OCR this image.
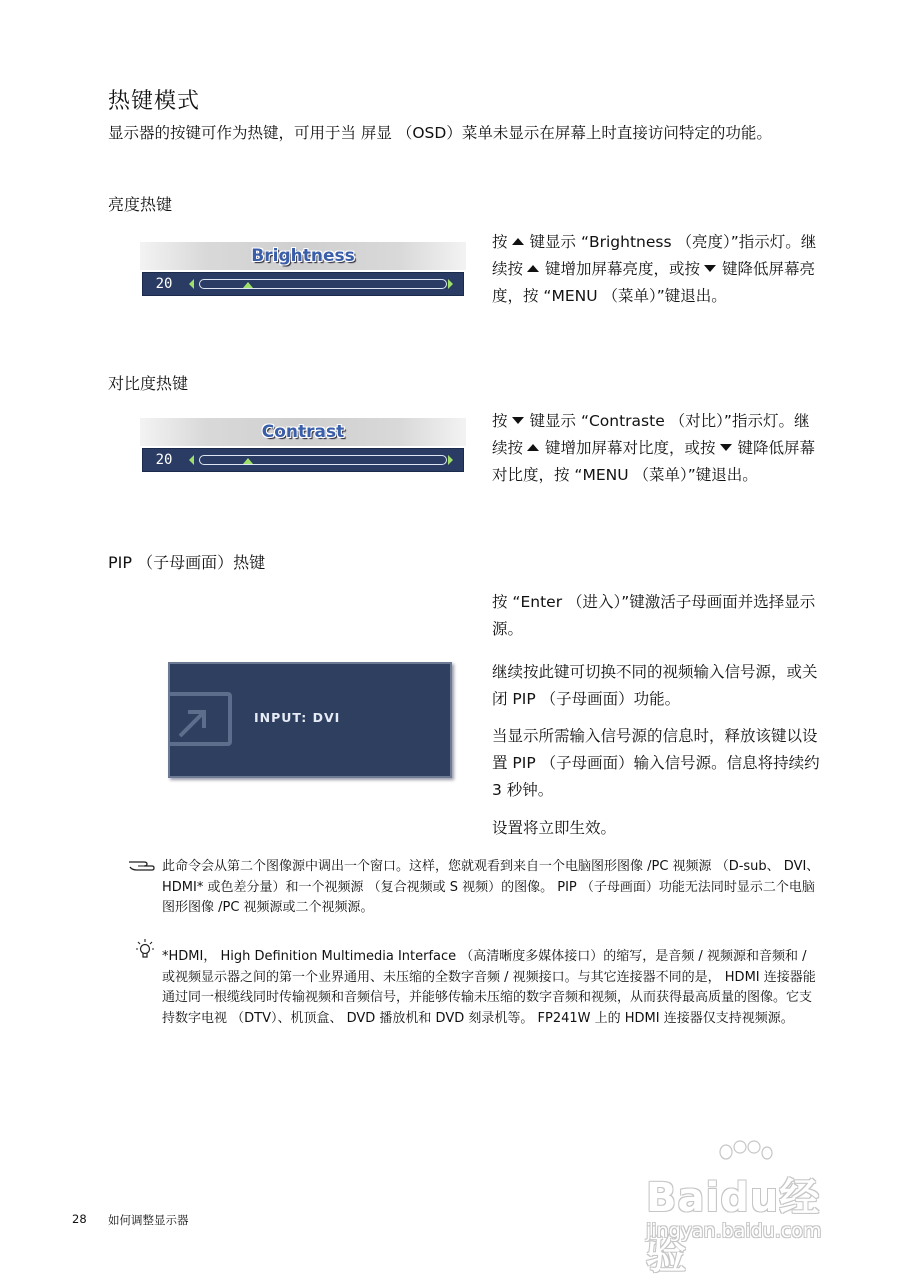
热键模式
显示器的按键可作为热键，可用于当 屏显 （OSD）菜单未显示在屏幕上时直接访问特定的功能。
亮度热键
Brightness
20
按 键显示 “Brightness （亮度）”指示灯。继续按 键增加屏幕亮度，或按 键降低屏幕亮度，按 “MENU （菜单）”键退出。
对比度热键
Contrast
20
按 键显示 “Contraste （对比）”指示灯。继续按 键增加屏幕对比度，或按 键降低屏幕对比度，按 “MENU （菜单）”键退出。
PIP （子母画面）热键
INPUT: DVI
按 “Enter （进入）”键激活子母画面并选择显示源。
继续按此键可切换不同的视频输入信号源，或关闭 PIP （子母画面）功能。
当显示所需输入信号源的信息时，释放该键以设置 PIP （子母画面）输入信号源。信息将持续约 3 秒钟。
设置将立即生效。
此命令会从第二个图像源中调出一个窗口。这样，您就观看到来自一个电脑图形图像 /PC 视频源 （D-sub、 DVI、 HDMI* 或色差分量）和一个视频源 （复合视频或 S 视频）的图像。 PIP （子母画面）功能无法同时显示二个电脑图形图像 /PC 视频源或二个视频源。
*HDMI， High Definition Multimedia Interface （高清晰度多媒体接口）的缩写，是音频 / 视频源和音频和 / 或视频显示器之间的第一个业界通用、未压缩的全数字音频 / 视频接口。与其它连接器不同的是， HDMI 连接器能通过同一根缆线同时传输视频和音频信号，并能够传输未压缩的数字音频和视频，从而获得最高质量的图像。它支持数字电视 （DTV）、机顶盒、 DVD 播放机和 DVD 刻录机等。 FP241W 上的 HDMI 连接器仅支持视频源。
28 如何调整显示器	Baidu经验
jingyan.baidu.com
